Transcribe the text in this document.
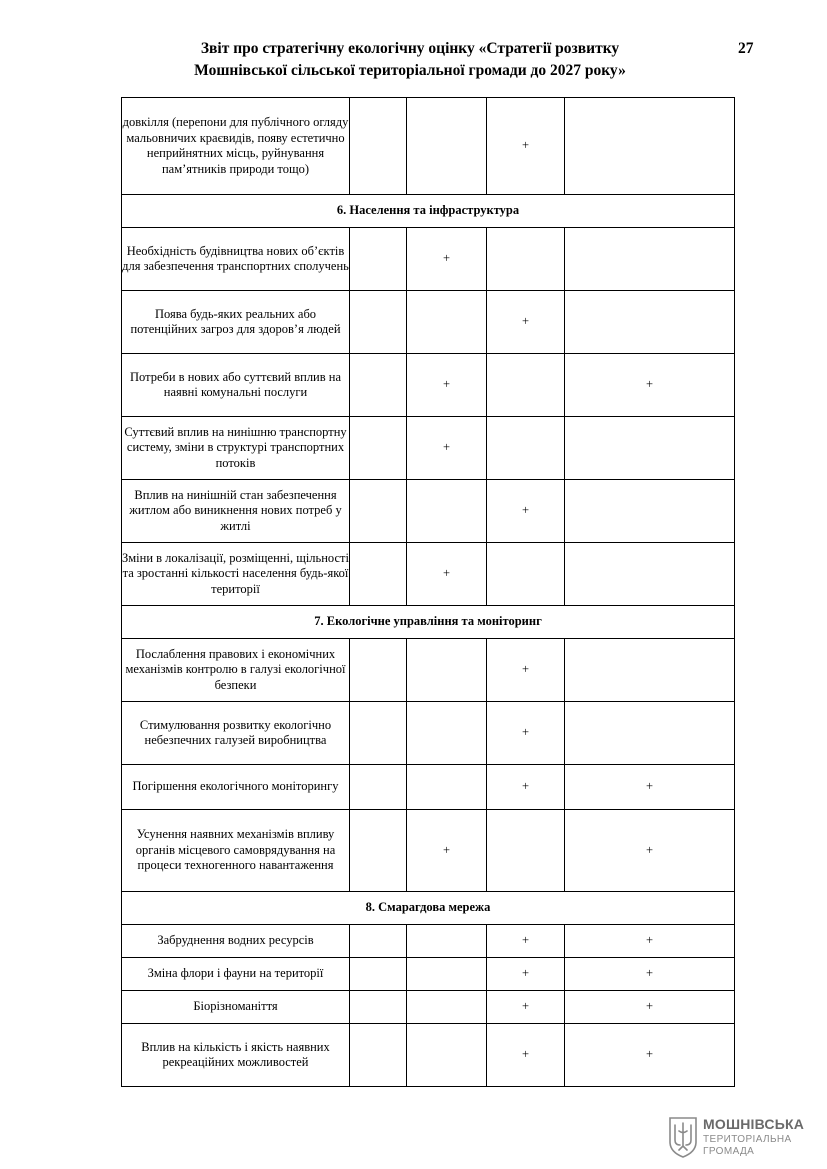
Звіт про стратегічну екологічну оцінку «Стратегії розвитку
Мошнівської сільської територіальної громади до 2027 року»
27
довкілля (перепони для публічного огляду мальовничих краєвидів, появу естетично неприйнятних місць, руйнування пам’ятників природи тощо)			+	
6. Населення та інфраструктура				
Необхідність будівництва нових об’єктів для забезпечення транспортних сполучень		+		
Поява будь-яких реальних або потенційних загроз для здоров’я людей			+	
Потреби в нових або суттєвий вплив на наявні комунальні послуги		+		+
Суттєвий вплив на нинішню транспортну систему, зміни в структурі транспортних потоків		+		
Вплив на нинішній стан забезпечення житлом або виникнення нових потреб у житлі			+	
Зміни в локалізації, розміщенні, щільності та зростанні кількості населення будь-якої території		+		
7. Екологічне управління та моніторинг				
Послаблення правових і економічних механізмів контролю в галузі екологічної безпеки			+	
Стимулювання розвитку екологічно небезпечних галузей виробництва			+	
Погіршення екологічного моніторингу			+	+
Усунення наявних механізмів впливу органів місцевого самоврядування на процеси техногенного навантаження		+		+
8. Смарагдова мережа				
Забруднення водних ресурсів			+	+
Зміна флори і фауни на території			+	+
Біорізноманіття			+	+
Вплив на кількість і якість наявних рекреаційних можливостей			+	+
МОШНІВСЬКА
ТЕРИТОРІАЛЬНА
ГРОМАДА
